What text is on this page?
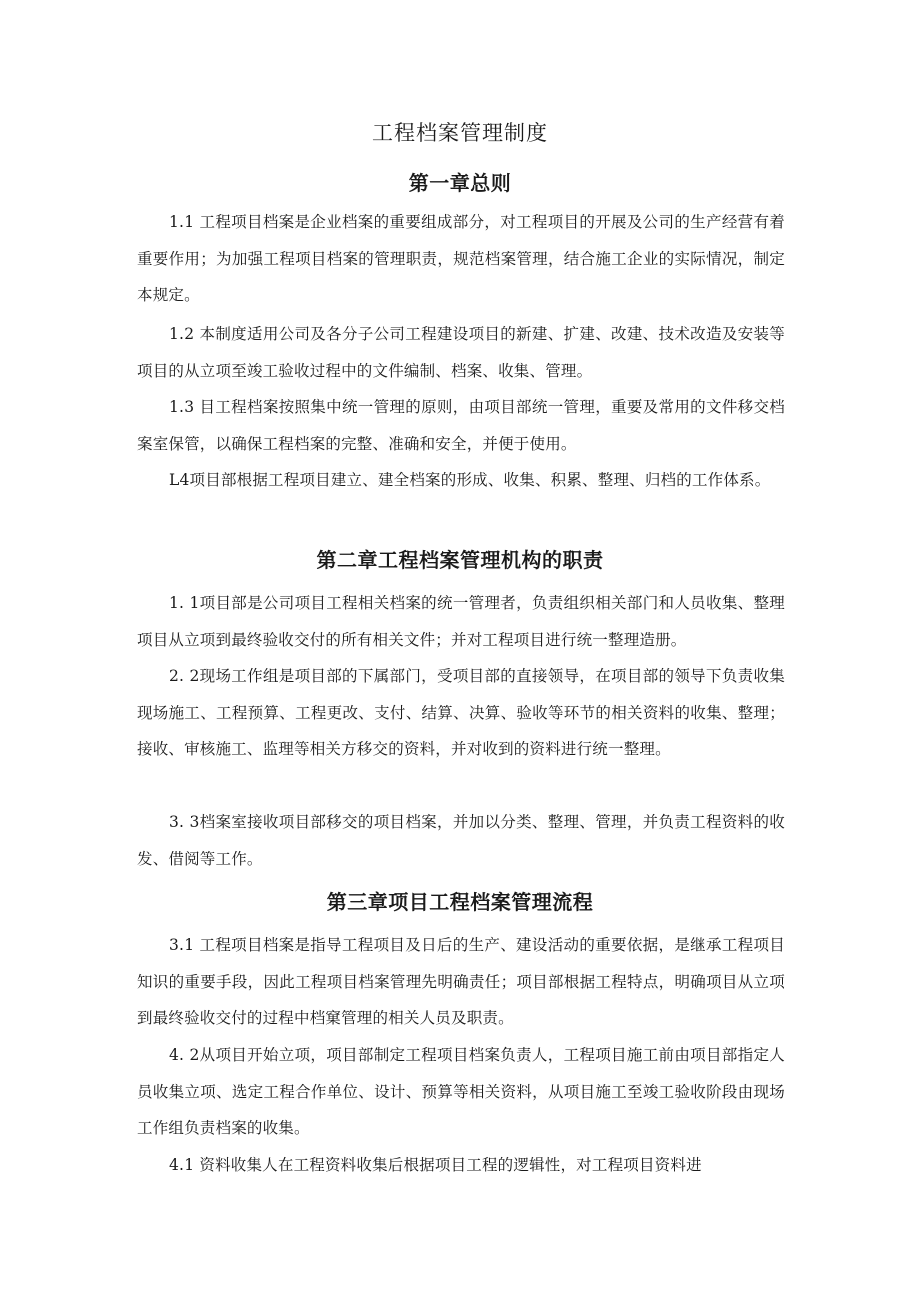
工程档案管理制度
第一章总则
1.1 工程项目档案是企业档案的重要组成部分，对工程项目的开展及公司的生产经营有着重要作用；为加强工程项目档案的管理职责，规范档案管理，结合施工企业的实际情况，制定本规定。
1.2 本制度适用公司及各分子公司工程建设项目的新建、扩建、改建、技术改造及安装等项目的从立项至竣工验收过程中的文件编制、档案、收集、管理。
1.3 目工程档案按照集中统一管理的原则，由项目部统一管理，重要及常用的文件移交档案室保管，以确保工程档案的完整、准确和安全，并便于使用。
L4项目部根据工程项目建立、建全档案的形成、收集、积累、整理、归档的工作体系。
第二章工程档案管理机构的职责
1. 1项目部是公司项目工程相关档案的统一管理者，负责组织相关部门和人员收集、整理项目从立项到最终验收交付的所有相关文件；并对工程项目进行统一整理造册。
2. 2现场工作组是项目部的下属部门，受项目部的直接领导，在项目部的领导下负责收集现场施工、工程预算、工程更改、支付、结算、决算、验收等环节的相关资料的收集、整理；接收、审核施工、监理等相关方移交的资料，并对收到的资料进行统一整理。
3. 3档案室接收项目部移交的项目档案，并加以分类、整理、管理，并负责工程资料的收发、借阅等工作。
第三章项目工程档案管理流程
3.1 工程项目档案是指导工程项目及日后的生产、建设活动的重要依据，是继承工程项目知识的重要手段，因此工程项目档案管理先明确责任；项目部根据工程特点，明确项目从立项到最终验收交付的过程中档窠管理的相关人员及职责。
4. 2从项目开始立项，项目部制定工程项目档案负责人，工程项目施工前由项目部指定人员收集立项、选定工程合作单位、设计、预算等相关资料，从项目施工至竣工验收阶段由现场工作组负责档案的收集。
4.1 资料收集人在工程资料收集后根据项目工程的逻辑性，对工程项目资料进
